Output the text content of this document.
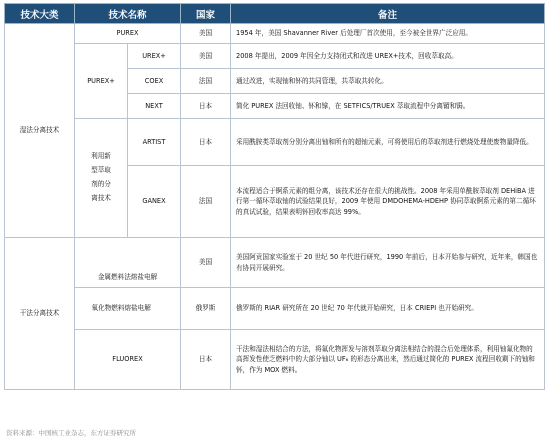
技术大类	技术名称		国家	备注
湿法分离技术	PUREX		美国	1954 年，美国 Shavanner River 后处理厂首次使用，至今被全世界广泛应用。
	PUREX+	UREX+	美国	2008 年提出，2009 年因全力支持闭式和改进 UREX+技术，回收萃取高。
		COEX	法国	通过改进，实现铀和钚的共同管理，共萃取共转化。
		NEXT	日本	简化 PUREX 法回收铀、钚和镎，在 SETFICS/TRUEX 萃取流程中分离镅和锔。
	利用新型萃取剂的分离技术	ARTIST	日本	采用酰胺类萃取剂分别分离出铀和所有的超铀元素，可将使用后的萃取剂进行燃烧处理使废物量降低。
		GANEX	法国	本流程适合于锕系元素的组分离，该技术还存在很大的挑战性。2008 年采用单酰胺萃取剂 DEHiBA 进行第一循环萃取铀的试验结果良好，2009 年使用 DMDOHEMA-HDEHP 协同萃取锕系元素的第二循环的真试试验，结果表明钚回收率高达 99%。
干法分离技术	金属燃料法熔盐电解		美国	美国阿贡国家实验室于 20 世纪 50 年代进行研究，1990 年前后，日本开始参与研究，近年来，韩国也有协同开展研究。
	氧化物燃料熔盐电解		俄罗斯	俄罗斯的 RIAR 研究所在 20 世纪 70 年代就开始研究，日本 CRIEPI 也开始研究。
	FLUOREX		日本	干法和湿法相结合的方法，将氟化物挥发与溶剂萃取分离法相结合的混合后处理体系，利用铀氟化物的高挥发性使乏燃料中的大部分铀以 UF₆ 的形态分离出来，然后通过简化的 PUREX 流程回收剩下的铀和钚，作为 MOX 燃料。
资料来源：中国核工业杂志，东方证券研究所
